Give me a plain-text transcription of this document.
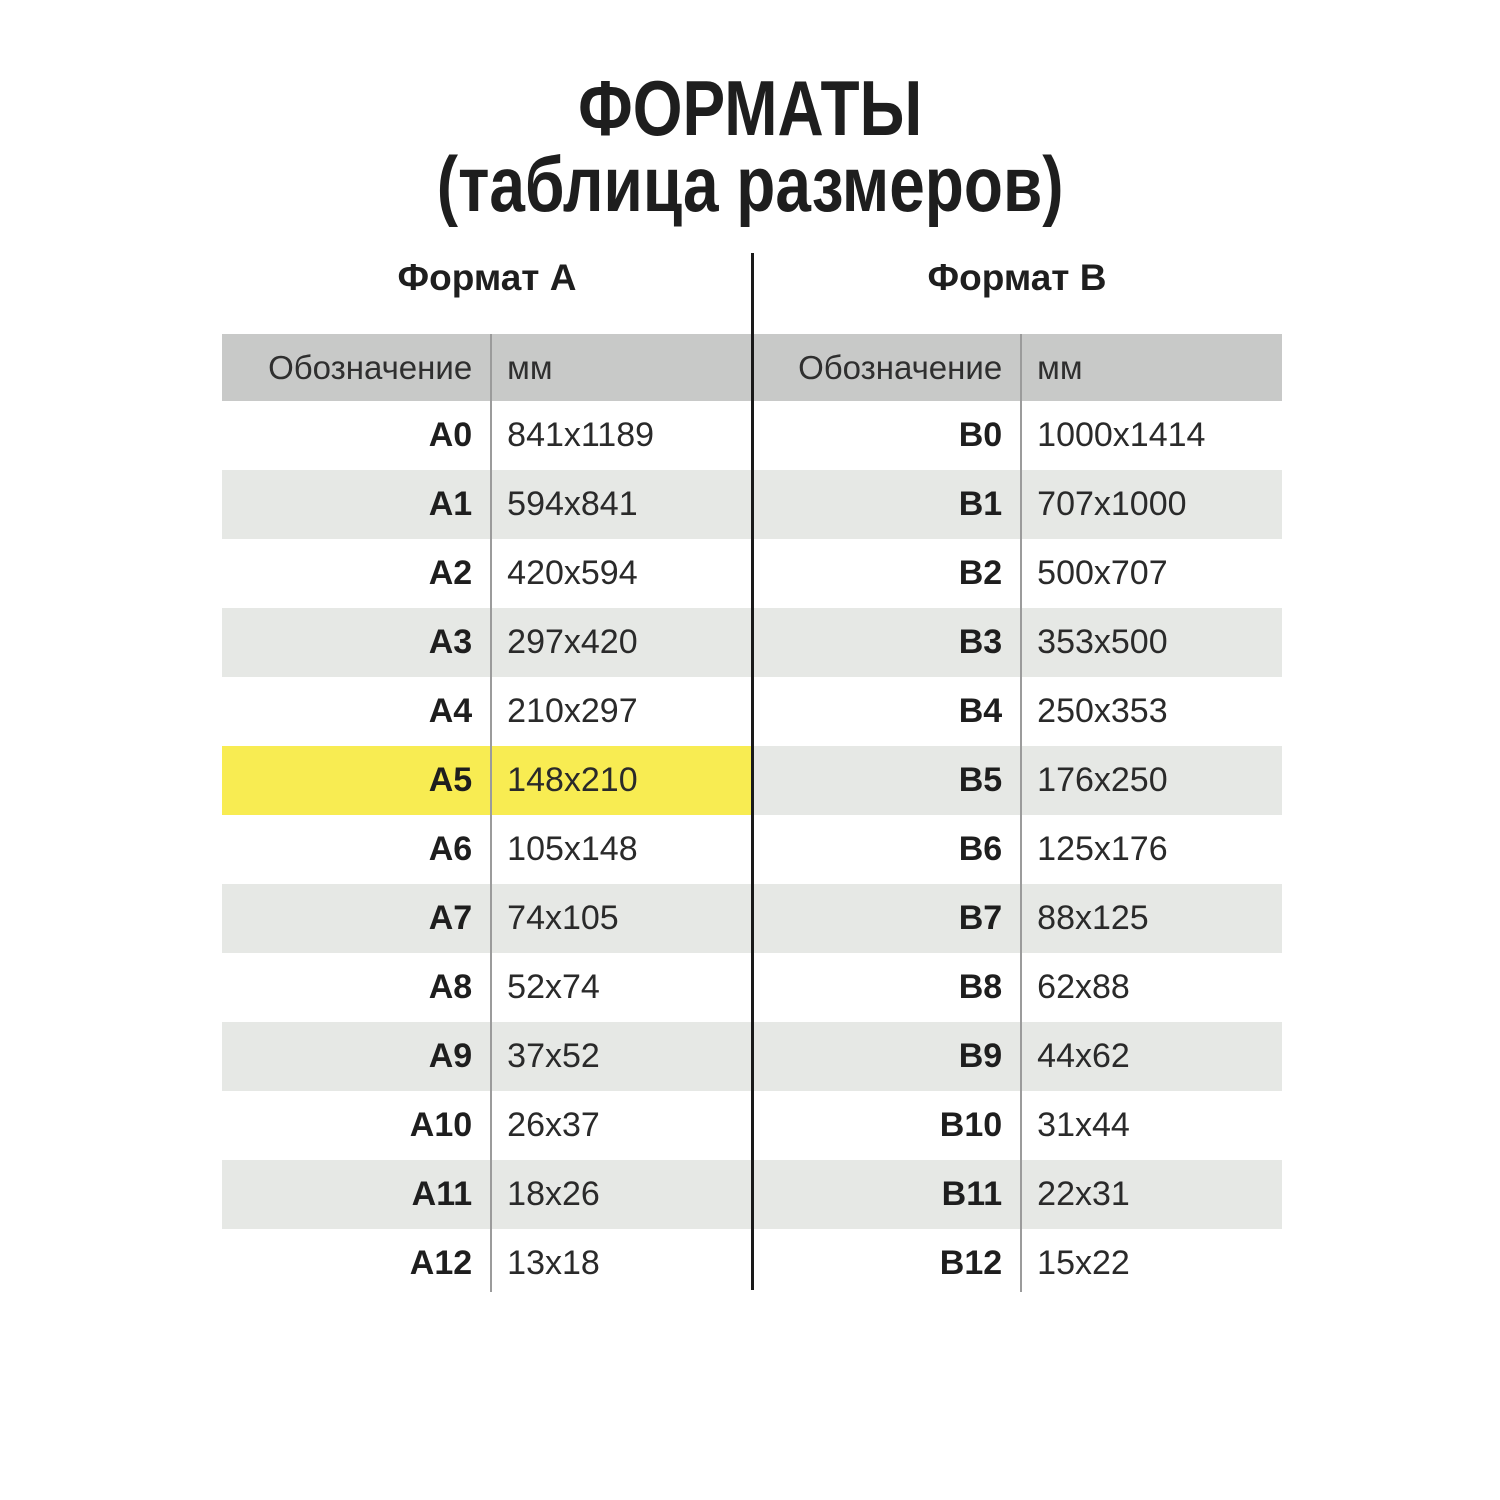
ФОРМАТЫ
(таблица размеров)
Формат А	Формат В
Обозначение	мм	Обозначение	мм
A0	841x1189	B0	1000x1414
A1	594x841	B1	707x1000
A2	420x594	B2	500x707
A3	297x420	B3	353x500
A4	210x297	B4	250x353
A5	148x210	B5	176x250
A6	105x148	B6	125x176
A7	74x105	B7	88x125
A8	52x74	B8	62x88
A9	37x52	B9	44x62
A10	26x37	B10	31x44
A11	18x26	B11	22x31
A12	13x18	B12	15x22
